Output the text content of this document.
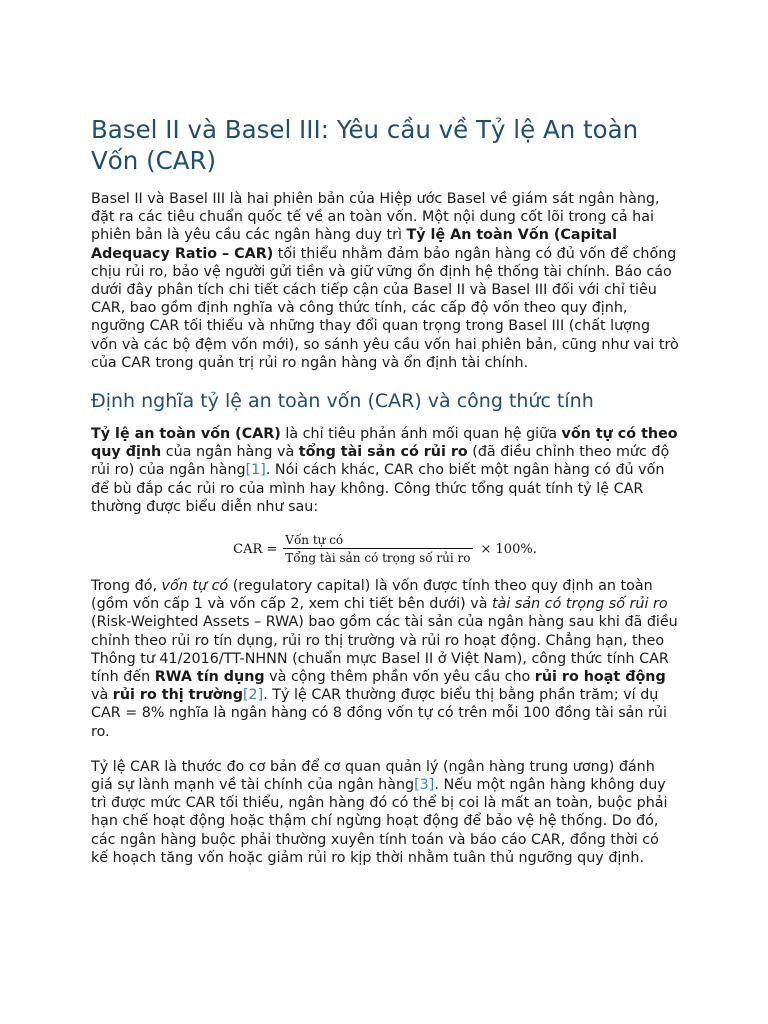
Basel II và Basel III: Yêu cầu về Tỷ lệ An toàn Vốn (CAR)

Basel II và Basel III là hai phiên bản của Hiệp ước Basel về giám sát ngân hàng, đặt ra các tiêu chuẩn quốc tế về an toàn vốn. Một nội dung cốt lõi trong cả hai phiên bản là yêu cầu các ngân hàng duy trì Tỷ lệ An toàn Vốn (Capital Adequacy Ratio – CAR) tối thiểu nhằm đảm bảo ngân hàng có đủ vốn để chống chịu rủi ro, bảo vệ người gửi tiền và giữ vững ổn định hệ thống tài chính. Báo cáo dưới đây phân tích chi tiết cách tiếp cận của Basel II và Basel III đối với chỉ tiêu CAR, bao gồm định nghĩa và công thức tính, các cấp độ vốn theo quy định, ngưỡng CAR tối thiểu và những thay đổi quan trọng trong Basel III (chất lượng vốn và các bộ đệm vốn mới), so sánh yêu cầu vốn hai phiên bản, cũng như vai trò của CAR trong quản trị rủi ro ngân hàng và ổn định tài chính.

Định nghĩa tỷ lệ an toàn vốn (CAR) và công thức tính

Tỷ lệ an toàn vốn (CAR) là chỉ tiêu phản ánh mối quan hệ giữa vốn tự có theo quy định của ngân hàng và tổng tài sản có rủi ro (đã điều chỉnh theo mức độ rủi ro) của ngân hàng[1]. Nói cách khác, CAR cho biết một ngân hàng có đủ vốn để bù đắp các rủi ro của mình hay không. Công thức tổng quát tính tỷ lệ CAR thường được biểu diễn như sau:

CAR = $\frac{\text{Vốn tự có}}{\text{Tổng tài sản có trọng số rủi ro}} \times 100\%$.

Trong đó, vốn tự có (regulatory capital) là vốn được tính theo quy định an toàn (gồm vốn cấp 1 và vốn cấp 2, xem chi tiết bên dưới) và tài sản có trọng số rủi ro (Risk-Weighted Assets – RWA) bao gồm các tài sản của ngân hàng sau khi đã điều chỉnh theo rủi ro tín dụng, rủi ro thị trường và rủi ro hoạt động. Chẳng hạn, theo Thông tư 41/2016/TT-NHNN (chuẩn mực Basel II ở Việt Nam), công thức tính CAR tính đến RWA tín dụng và cộng thêm phần vốn yêu cầu cho rủi ro hoạt động và rủi ro thị trường[2]. Tỷ lệ CAR thường được biểu thị bằng phần trăm; ví dụ CAR = 8% nghĩa là ngân hàng có 8 đồng vốn tự có trên mỗi 100 đồng tài sản rủi ro.

Tỷ lệ CAR là thước đo cơ bản để cơ quan quản lý (ngân hàng trung ương) đánh giá sự lành mạnh về tài chính của ngân hàng[3]. Nếu một ngân hàng không duy trì được mức CAR tối thiểu, ngân hàng đó có thể bị coi là mất an toàn, buộc phải hạn chế hoạt động hoặc thậm chí ngừng hoạt động để bảo vệ hệ thống. Do đó, các ngân hàng buộc phải thường xuyên tính toán và báo cáo CAR, đồng thời có kế hoạch tăng vốn hoặc giảm rủi ro kịp thời nhằm tuân thủ ngưỡng quy định.
